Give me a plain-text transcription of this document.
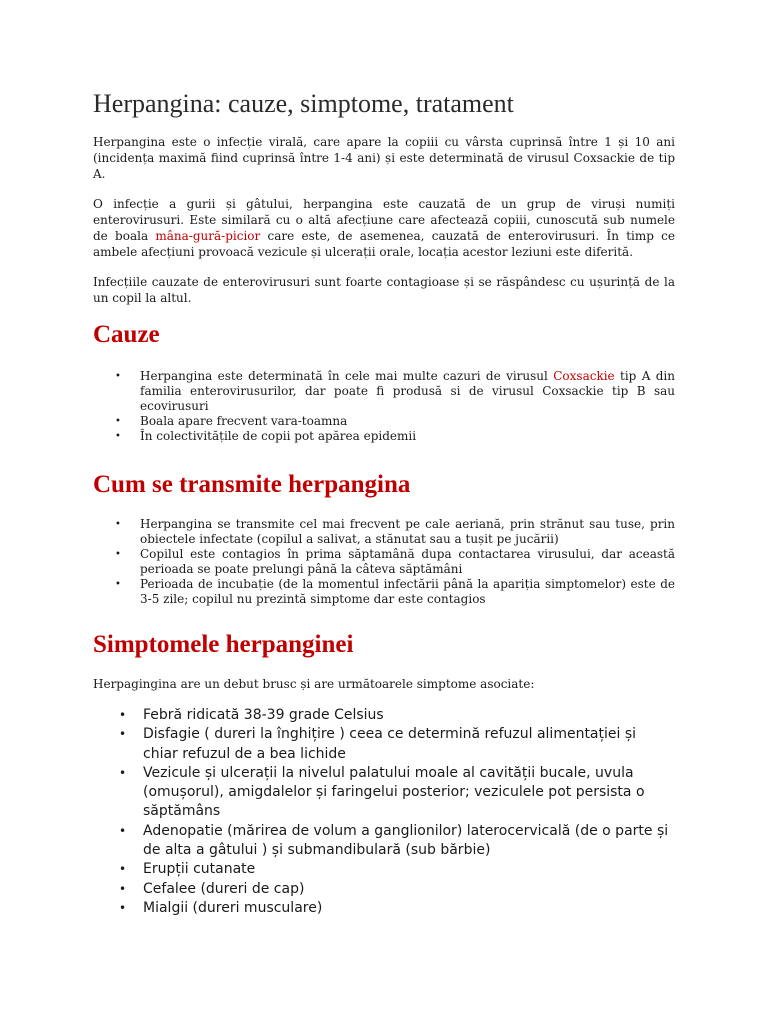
Herpangina: cauze, simptome, tratament

Herpangina este o infecție virală, care apare la copiii cu vârsta cuprinsă între 1 și 10 ani (incidența maximă fiind cuprinsă între 1-4 ani) și este determinată de virusul Coxsackie de tip A.

O infecție a gurii și gâtului, herpangina este cauzată de un grup de viruși numiți enterovirusuri. Este similară cu o altă afecțiune care afectează copiii, cunoscută sub numele de boala mâna-gură-picior care este, de asemenea, cauzată de enterovirusuri. În timp ce ambele afecțiuni provoacă vezicule și ulcerații orale, locația acestor leziuni este diferită.

Infecțiile cauzate de enterovirusuri sunt foarte contagioase și se răspândesc cu ușurință de la un copil la altul.

Cauze
• Herpangina este determinată în cele mai multe cazuri de virusul Coxsackie tip A din familia enterovirusurilor, dar poate fi produsă si de virusul Coxsackie tip B sau ecovirusuri
• Boala apare frecvent vara-toamna
• În colectivitățile de copii pot apărea epidemii
Cum se transmite herpangina
• Herpangina se transmite cel mai frecvent pe cale aeriană, prin strănut sau tuse, prin obiectele infectate (copilul a salivat, a stănutat sau a tușit pe jucării)
• Copilul este contagios în prima săptamână dupa contactarea virusului, dar această perioada se poate prelungi până la câteva săptămâni
• Perioada de incubație (de la momentul infectării până la apariția simptomelor) este de 3-5 zile; copilul nu prezintă simptome dar este contagios
Simptomele herpanginei

Herpagingina are un debut brusc și are următoarele simptome asociate:

• Febră ridicată 38-39 grade Celsius
• Disfagie ( dureri la înghițire ) ceea ce determină refuzul alimentației și chiar refuzul de a bea lichide
• Vezicule și ulcerații la nivelul palatului moale al cavității bucale, uvula (omușorul), amigdalelor și faringelui posterior; veziculele pot persista o săptămâns
• Adenopatie (mărirea de volum a ganglionilor) laterocervicală (de o parte și de alta a gâtului ) și submandibulară (sub bărbie)
• Erupții cutanate
• Cefalee (dureri de cap)
• Mialgii (dureri musculare)
